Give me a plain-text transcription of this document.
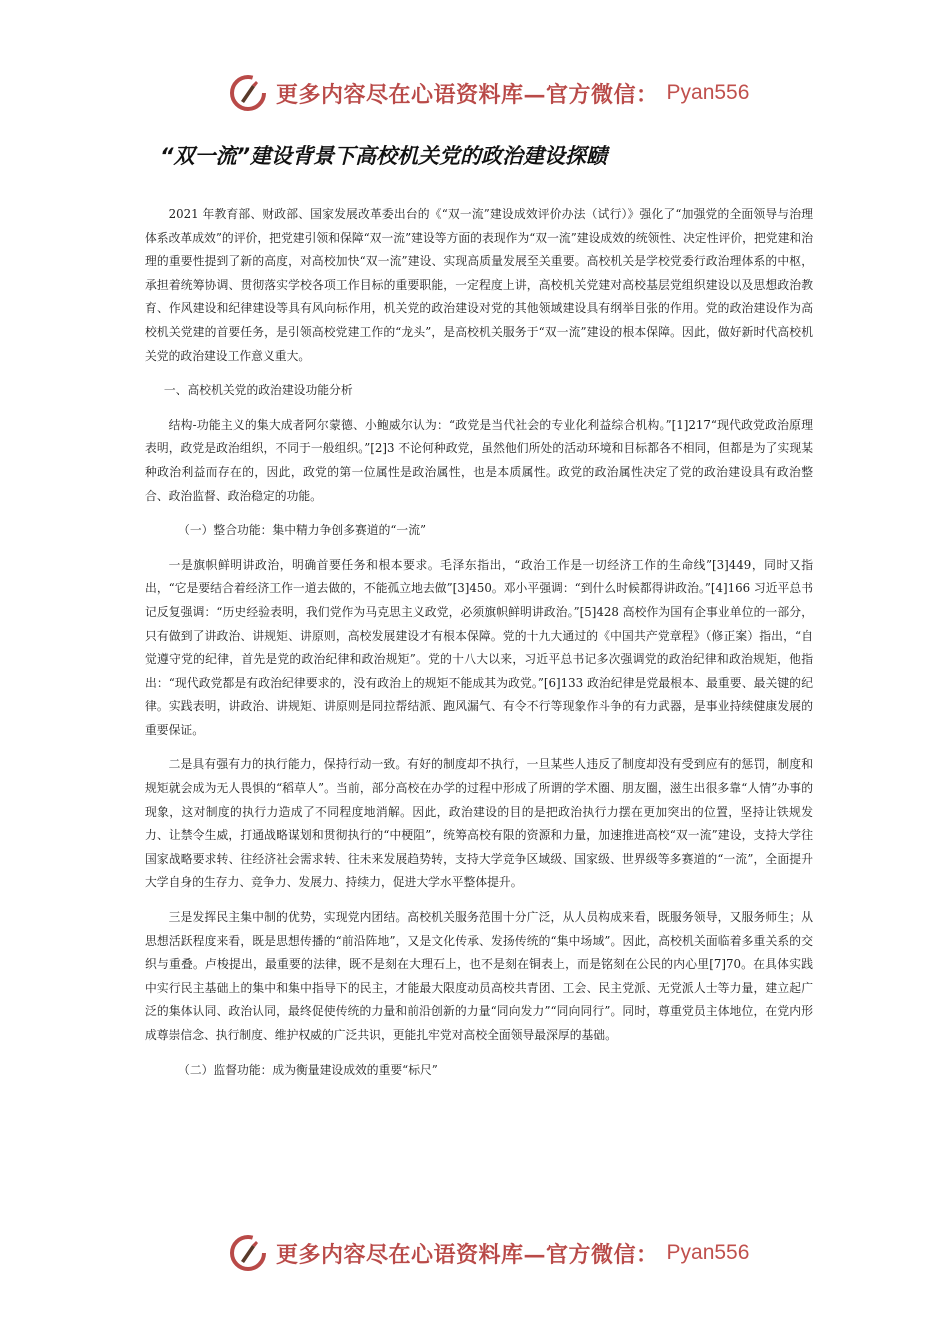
更多内容尽在心语资料库—官方微信： Pyan556
“双一流”建设背景下高校机关党的政治建设探赜

2021 年教育部、财政部、国家发展改革委出台的《“双一流”建设成效评价办法（试行）》强化了“加强党的全面领导与治理体系改革成效”的评价，把党建引领和保障“双一流”建设等方面的表现作为“双一流”建设成效的统领性、决定性评价，把党建和治理的重要性提到了新的高度，对高校加快“双一流”建设、实现高质量发展至关重要。高校机关是学校党委行政治理体系的中枢，承担着统筹协调、贯彻落实学校各项工作目标的重要职能，一定程度上讲，高校机关党建对高校基层党组织建设以及思想政治教育、作风建设和纪律建设等具有风向标作用，机关党的政治建设对党的其他领域建设具有纲举目张的作用。党的政治建设作为高校机关党建的首要任务，是引领高校党建工作的“龙头”，是高校机关服务于“双一流”建设的根本保障。因此，做好新时代高校机关党的政治建设工作意义重大。

一、高校机关党的政治建设功能分析

结构-功能主义的集大成者阿尔蒙德、小鲍威尔认为：“政党是当代社会的专业化利益综合机构。”[1]217“现代政党政治原理表明，政党是政治组织，不同于一般组织。”[2]3 不论何种政党，虽然他们所处的活动环境和目标都各不相同，但都是为了实现某种政治利益而存在的，因此，政党的第一位属性是政治属性，也是本质属性。政党的政治属性决定了党的政治建设具有政治整合、政治监督、政治稳定的功能。

（一）整合功能：集中精力争创多赛道的“一流”

一是旗帜鲜明讲政治，明确首要任务和根本要求。毛泽东指出，“政治工作是一切经济工作的生命线”[3]449，同时又指出，“它是要结合着经济工作一道去做的，不能孤立地去做”[3]450。邓小平强调：“到什么时候都得讲政治。”[4]166 习近平总书记反复强调：“历史经验表明，我们党作为马克思主义政党，必须旗帜鲜明讲政治。”[5]428 高校作为国有企事业单位的一部分，只有做到了讲政治、讲规矩、讲原则，高校发展建设才有根本保障。党的十九大通过的《中国共产党章程》（修正案）指出，“自觉遵守党的纪律，首先是党的政治纪律和政治规矩”。党的十八大以来，习近平总书记多次强调党的政治纪律和政治规矩，他指出：“现代政党都是有政治纪律要求的，没有政治上的规矩不能成其为政党。”[6]133 政治纪律是党最根本、最重要、最关键的纪律。实践表明，讲政治、讲规矩、讲原则是同拉帮结派、跑风漏气、有令不行等现象作斗争的有力武器，是事业持续健康发展的重要保证。

二是具有强有力的执行能力，保持行动一致。有好的制度却不执行，一旦某些人违反了制度却没有受到应有的惩罚，制度和规矩就会成为无人畏惧的“稻草人”。当前，部分高校在办学的过程中形成了所谓的学术圈、朋友圈，滋生出很多靠“人情”办事的现象，这对制度的执行力造成了不同程度地消解。因此，政治建设的目的是把政治执行力摆在更加突出的位置，坚持让铁规发力、让禁令生威，打通战略谋划和贯彻执行的“中梗阻”，统筹高校有限的资源和力量，加速推进高校“双一流”建设，支持大学往国家战略要求转、往经济社会需求转、往未来发展趋势转，支持大学竞争区域级、国家级、世界级等多赛道的“一流”，全面提升大学自身的生存力、竞争力、发展力、持续力，促进大学水平整体提升。

三是发挥民主集中制的优势，实现党内团结。高校机关服务范围十分广泛，从人员构成来看，既服务领导，又服务师生；从思想活跃程度来看，既是思想传播的“前沿阵地”，又是文化传承、发扬传统的“集中场域”。因此，高校机关面临着多重关系的交织与重叠。卢梭提出，最重要的法律，既不是刻在大理石上，也不是刻在铜表上，而是铭刻在公民的内心里[7]70。在具体实践中实行民主基础上的集中和集中指导下的民主，才能最大限度动员高校共青团、工会、民主党派、无党派人士等力量，建立起广泛的集体认同、政治认同，最终促使传统的力量和前沿创新的力量“同向发力”“同向同行”。同时，尊重党员主体地位，在党内形成尊崇信念、执行制度、维护权威的广泛共识，更能扎牢党对高校全面领导最深厚的基础。

（二）监督功能：成为衡量建设成效的重要“标尺”

更多内容尽在心语资料库—官方微信： Pyan556
